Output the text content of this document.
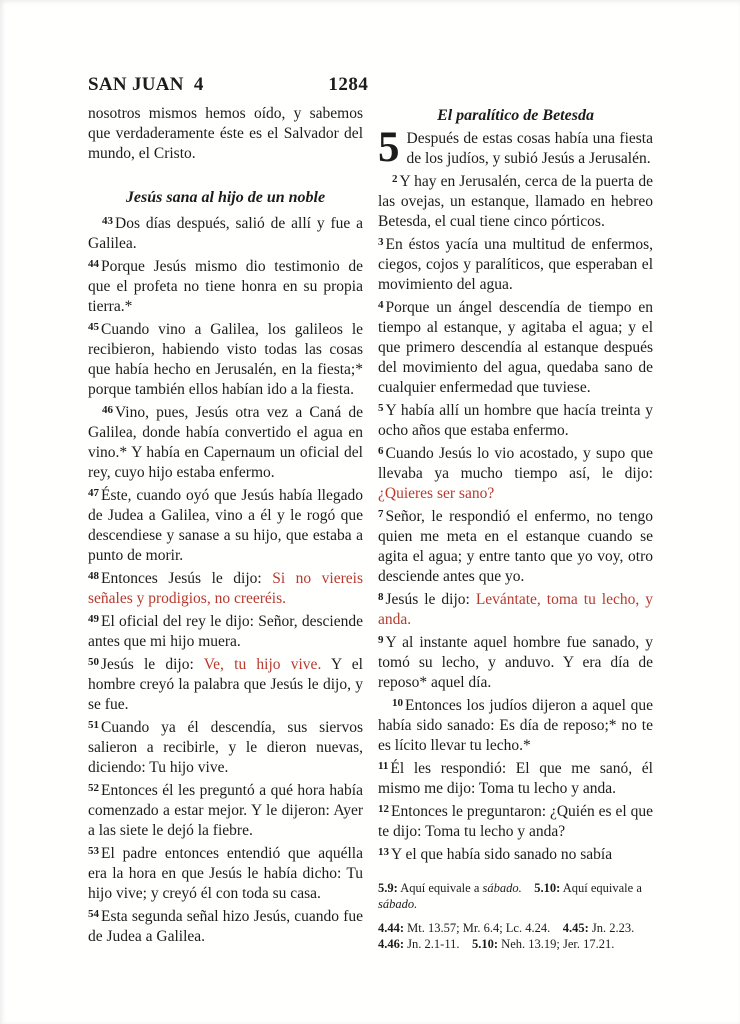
SAN JUAN  4	1284

nosotros mismos hemos oído, y sabemos que verdaderamente éste es el Salvador del mundo, el Cristo.

Jesús sana al hijo de un noble

$^{43}$ Dos días después, salió de allí y fue a Galilea.

$^{44}$ Porque Jesús mismo dio testimonio de que el profeta no tiene honra en su propia tierra.*

$^{45}$ Cuando vino a Galilea, los galileos le recibieron, habiendo visto todas las cosas que había hecho en Jerusalén, en la fiesta;* porque también ellos habían ido a la fiesta.

$^{46}$ Vino, pues, Jesús otra vez a Caná de Galilea, donde había convertido el agua en vino.* Y había en Capernaum un oficial del rey, cuyo hijo estaba enfermo.

$^{47}$ Éste, cuando oyó que Jesús había llegado de Judea a Galilea, vino a él y le rogó que descendiese y sanase a su hijo, que estaba a punto de morir.

$^{48}$ Entonces Jesús le dijo: Si no viereis señales y prodigios, no creeréis.

$^{49}$ El oficial del rey le dijo: Señor, desciende antes que mi hijo muera.

$^{50}$ Jesús le dijo: Ve, tu hijo vive. Y el hombre creyó la palabra que Jesús le dijo, y se fue.

$^{51}$ Cuando ya él descendía, sus siervos salieron a recibirle, y le dieron nuevas, diciendo: Tu hijo vive.

$^{52}$ Entonces él les preguntó a qué hora había comenzado a estar mejor. Y le dijeron: Ayer a las siete le dejó la fiebre.

$^{53}$ El padre entonces entendió que aquélla era la hora en que Jesús le había dicho: Tu hijo vive; y creyó él con toda su casa.

$^{54}$ Esta segunda señal hizo Jesús, cuando fue de Judea a Galilea.

El paralítico de Betesda

5 Después de estas cosas había una fiesta de los judíos, y subió Jesús a Jerusalén.

$^2$ Y hay en Jerusalén, cerca de la puerta de las ovejas, un estanque, llamado en hebreo Betesda, el cual tiene cinco pórticos.

$^3$ En éstos yacía una multitud de enfermos, ciegos, cojos y paralíticos, que esperaban el movimiento del agua.

$^4$ Porque un ángel descendía de tiempo en tiempo al estanque, y agitaba el agua; y el que primero descendía al estanque después del movimiento del agua, quedaba sano de cualquier enfermedad que tuviese.

$^5$ Y había allí un hombre que hacía treinta y ocho años que estaba enfermo.

$^6$ Cuando Jesús lo vio acostado, y supo que llevaba ya mucho tiempo así, le dijo: ¿Quieres ser sano?

$^7$ Señor, le respondió el enfermo, no tengo quien me meta en el estanque cuando se agita el agua; y entre tanto que yo voy, otro desciende antes que yo.

$^8$ Jesús le dijo: Levántate, toma tu lecho, y anda.

$^9$ Y al instante aquel hombre fue sanado, y tomó su lecho, y anduvo. Y era día de reposo* aquel día.

$^{10}$ Entonces los judíos dijeron a aquel que había sido sanado: Es día de reposo;* no te es lícito llevar tu lecho.*

$^{11}$ Él les respondió: El que me sanó, él mismo me dijo: Toma tu lecho y anda.

$^{12}$ Entonces le preguntaron: ¿Quién es el que te dijo: Toma tu lecho y anda?

$^{13}$ Y el que había sido sanado no sabía

5.9: Aquí equivale a sábado.  5.10: Aquí equivale a sábado.

4.44: Mt. 13.57; Mr. 6.4; Lc. 4.24. 4.45: Jn. 2.23.

4.46: Jn. 2.1-11. 5.10: Neh. 13.19; Jer. 17.21.
